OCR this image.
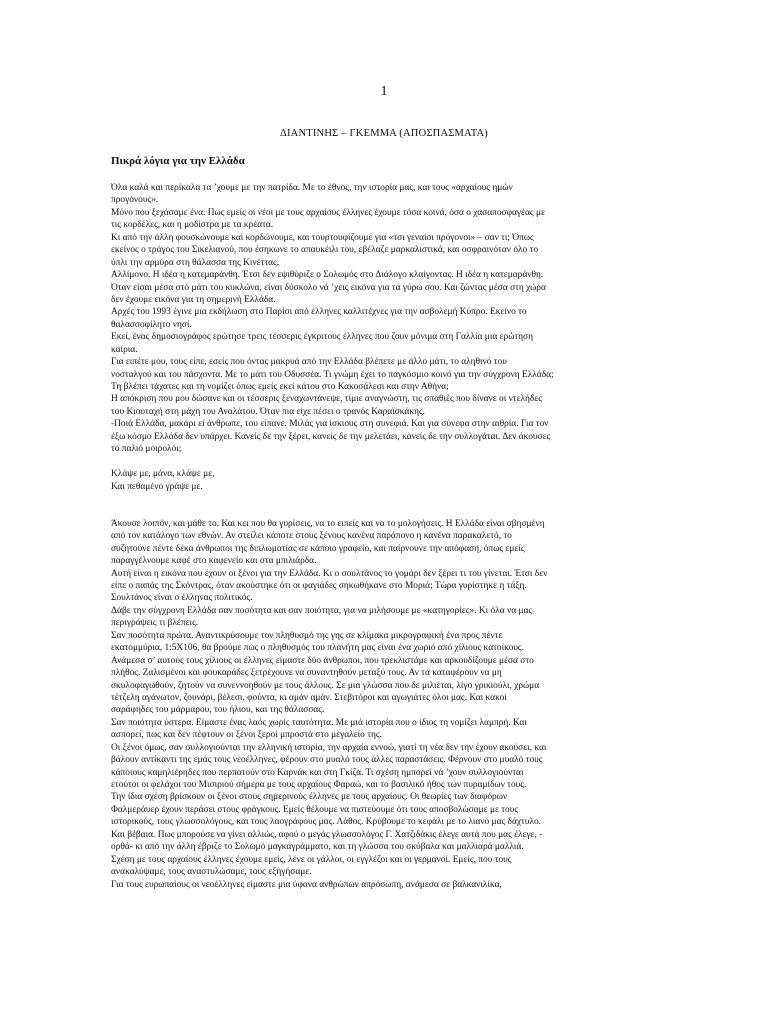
1
ΔΙΑΝΤΙΝΗΣ – ΓΚΕΜΜΑ (ΑΠΟΣΠΑΣΜΑΤΑ)
Πικρά λόγια για την Ελλάδα
Όλα καλά και περίκαλα τα ’χουμε με την πατρίδα. Με το έθνος, την ιστορία μας, και τους «αρχαίους ημών
προγόνους».
Μόνο που ξεχάσαμε ένα. Πως εμείς οι νέοι με τους αρχαίους έλληνες έχουμε τόσα κοινά, όσα ο χασαποσφαγέας με
τις κορδέλες, και η μοδίστρα με τα κρέατα.
Κι από την άλλη φουσκώνουμε και κορδώνουμε, και τουρτουφίζουμε για «τσι γεναίοι πρόγονοι» – σαν τι; Όπως
εκείνος ο τράγος του Σικελιανού, που έσηκωνε το απαυκέιλι του, εβέλαζε μαρκαλιστικά, και οσφραινόταν όλο το
ύπλι την αρμύρα στη θάλασσα της Κινέττας.
Αλλίμονο. Η ιδέα η κατεμαράνθη. Έτσι δεν εψιθύριζε ο Σολωμός στο Διάλογο κλαίγοντας. Η ιδέα η κατεμαράνθη.
Όταν είσαι μέσα στό μάτι του κυκλώνα, είναι δύσκολο νά ’χεις εικόνα για τα γύρω σου. Και ζώντας μέσα στη χώρα
δεν έχουμε εικόνα για τη σημερινή Ελλάδα.
Αρχές του 1993 έγινε μια εκδήλωση στο Παρίσι από έλληνες καλλιτέχνες για την ασβολεμή Κύπρο. Εκείνο το
θαλασσοφίλητο νησί.
Εκεί, ένας δημοσιογράφος ερώτησε τρεις τέσσερις έγκριτους έλληνες που ζουν μόνιμα στη Γαλλία μια ερώτηση
καίρια.
Για ειπέτε μου, τους είπε, εσείς που όντας μακρυά από την Ελλάδα βλέπετε με άλλο μάτι, το αληθινό του
νοσταλγού και του πάσχοντα. Με το μάτι του Οδυσσέα. Τι γνώμη έχει το παγκόσμιο κοινό για την σύγχρονη Ελλάδα;
Τη βλέπει τάχατες και τη νομίζει όπως εμείς εκεί κάτου στο Κακοσάλεσι και στην Αθήνα;
Η απόκριση που μου δώσανε και οι τέσσερις ξεναχωντάνεψε, τίμιε αναγνώστη, τις σπαθιές που δίνανε οι ντελήδες
του Κιουταχή στη μάχη του Αναλάτου. Όταν πια είχε πέσει ο τρανός Καραϊσκάκης.
-Ποιά Ελλάδα, μακάρι εί άνθρωπε, του είπανε. Μιλάς για ίσκιους στη συνεφιά. Και για σύνεφα στην αιθρία. Για τον
έξω κόσμο Ελλάδα δεν υπάρχει. Κανείς δε την ξέρει, κανείς δε την μελετάει, κανείς δε την συλλογάται. Δεν άκουσες
το παλιό μοιρολόι;
Κλάψε με, μάνα, κλάψε με,
Και πεθαμένο γράψε με.
Άκουσε λοιπόν, και μάθε το. Και κει που θα γυρίσεις, να το ειπείς και να το μολογήσεις. Η Ελλάδα είναι σβησμένη
από τον κατάλογο των εθνών. Αν στείλει κάποτε στους ξένους κανένα παράπονο η κανένα παρακαλετό, το
συζητούνε πέντε δέκα άνθρωποι της διπλωματίας σε κάποιο γραφείο, και παίρνουνε την απόφαση, όπως εμείς
παραγγέλνουμε καφέ στο καφενείο και στα μπιλιάρδα.
Αυτή είναι η εικόνα που έχουν οι ξένοι για την Ελλάδα. Κι ο σουλτάνος το γομάρι δεν ξέρει τι του γίνεται. Έτσι δεν
είπε ο παπάς της Σκόντρας, όταν ακούστηκε ότι οι φαγιάδες σηκωθήκανε στο Μοριά; Τώρα γυρίστηκε η τάξη.
Σουλτάνος είναι ο έλληνας πολιτικός.
Δάβε την σύγχρονη Ελλάδα σαν ποσότητα και σαν ποιότητα, για να μιλήσουμε με «κατηγορίες». Κι όλα να μας
περιγράψεις τι βλέπεις.
Σαν ποσότητα πρώτα. Αναντικρύσουμε τον πληθυσμό της γης σε κλίμακα μικρογραφική ένα προς πέντε
εκατομμύρια, 1:5Χ106, θα βρούμε πως ο πληθυσμός του πλανήτη μας είναι ένα χωριό από χίλιους κατοίκους.
Ανάμεσα σ’ αυτούς τους χίλιους οι έλληνες είμαστε δύο άνθρωποι, που τρεκλιστάμε και αρκουδίζουμε μέσα στο
πλήθος. Ζαλισμένοι και φουκαράδες ξετρέχουνε να συναντηθούν μεταξύ τους. Αν τα καταφέρουν να μη
σκυλοφαγωθούν, ζητούν να συνεννοηθούν με τους άλλους. Σε μια γλώσσα που δε μιλιέται, λίγο γρικιούλι, χρώμα
τέτζελη αγάνωτον, ζουνάρι, βέλεσι, φούντα, κι αμάν αμάν. Στεβιτόροι και αγωγιάτες όλοι μας. Και κακοί
σαράφηδες του μάρμαρου, του ήλιου, και της θάλασσας.
Σαν ποιότητα ύστερα. Είμαστε ένας λαός χωρίς ταυτότητα. Με μιά ιστορία που ο ίδιος τη νομίζει λαμπρή. Και
ασπορεί, πως και δεν πέφτουν οι ξένοι ξεροί μπροστά στο μεγαλείο της.
Οι ξένοι όμως, σαν συλλογιούνται την ελληνική ιστορία, την αρχαία εννοώ, γιατί τη νέα δεν την έχουν ακούσει, και
βάλουν αντίκαντι της εμάς τους νεοέλληνες, φέρουν στο μυαλό τους άλλες παραστάσεις. Φέρνουν στο μυαλό τους
κάποιους καμηλιέρηδες που περπατούν στο Καρνάκ και στη Γκίζα. Τι σχέση ημπορεί νά ’χουν συλλογιούνται
ετούτοι οι φελάχοι του Μισιριού σήμερα με τους αρχαίους Φαραώ, και το βασιλικό ήθος των πυραμίδων τους.
Την ίδια σχέση βρίσκουν οι ξένοι στους σημερινούς έλληνες με τους αρχαίους. Οι θεωρίες των διαφόρων
Φαλμεράυερ έχουν περάσει στους φράγκους. Εμείς θέλουμε να πιστεύουμε ότι τους αποσβολώσαμε με τους
ιστορικούς, τους γλωσσολόγους, και τους λαογράφους μας. Λάθος. Κρύβουμε το κεφάλι με το λιανό μας δάχτυλο.
Και βέβαια. Πως μπορούσε να γίνει αλλιώς, αφού ο μεγάς γλωσσολόγος Γ. Χατζιδάκις έλεγε αυτά που μας έλεγε, -
ορθά- κι από την άλλη έβριζε το Σολωμό μαγκαγράμματο, και τη γλώσσα του σκύβαλα και μαλλιαρά μαλλιά.
Σχέση με τους αρχαίους έλληνες έχουμε εμείς, λένε οι γάλλοι, οι εγγλέζοι και οι γερμανοί. Εμείς, που τους
ανακαλύψαμε, τους αναστυλώσαμε, τους εξηγήσαμε.
Για τους ευρωπαίους οι νεοέλληνες είμαστε μια ύφανα ανθρώπων απρόσωπη, ανάμεσα σε βαλκανιλίκα,
